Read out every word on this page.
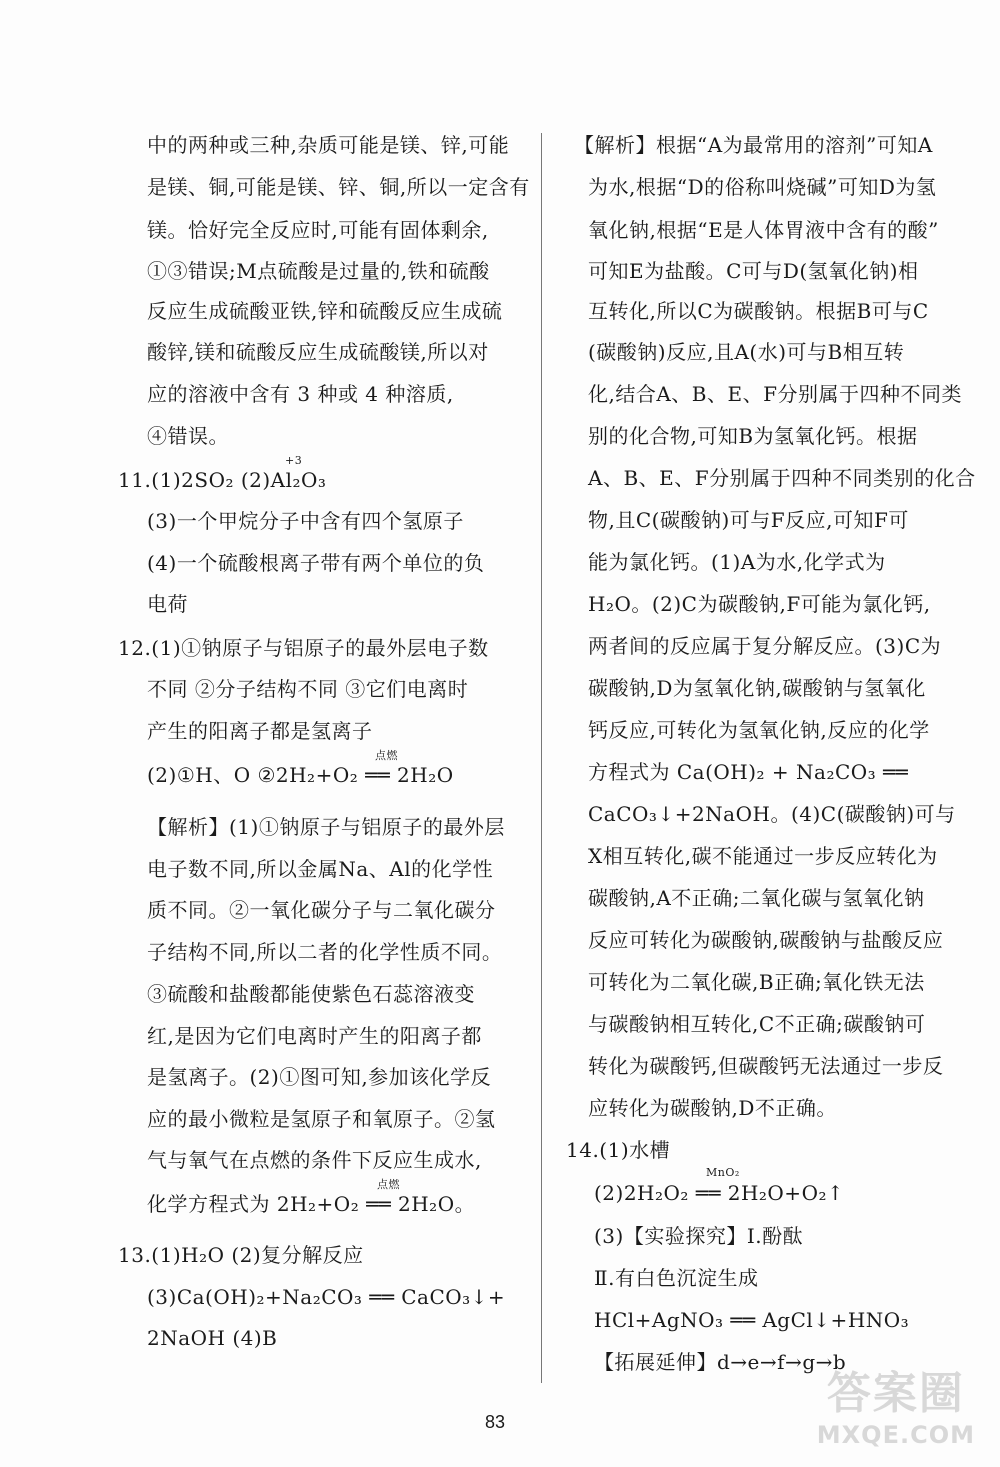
中的两种或三种,杂质可能是镁、锌,可能
是镁、铜,可能是镁、锌、铜,所以一定含有
镁。恰好完全反应时,可能有固体剩余,
①③错误;M点硫酸是过量的,铁和硫酸
反应生成硫酸亚铁,锌和硫酸反应生成硫
酸锌,镁和硫酸反应生成硫酸镁,所以对
应的溶液中含有 3 种或 4 种溶质,
④错误。
+3
11.(1)2SO₂ (2)Al₂O₃
(3)一个甲烷分子中含有四个氢原子
(4)一个硫酸根离子带有两个单位的负
电荷
12.(1)①钠原子与铝原子的最外层电子数
不同 ②分子结构不同 ③它们电离时
产生的阳离子都是氢离子
点燃
(2)①H、O ②2H₂+O₂ ══ 2H₂O
【解析】(1)①钠原子与铝原子的最外层
电子数不同,所以金属Na、Al的化学性
质不同。②一氧化碳分子与二氧化碳分
子结构不同,所以二者的化学性质不同。
③硫酸和盐酸都能使紫色石蕊溶液变
红,是因为它们电离时产生的阳离子都
是氢离子。(2)①图可知,参加该化学反
应的最小微粒是氢原子和氧原子。②氢
气与氧气在点燃的条件下反应生成水,
点燃
化学方程式为 2H₂+O₂ ══ 2H₂O。
13.(1)H₂O (2)复分解反应
(3)Ca(OH)₂+Na₂CO₃ ══ CaCO₃↓+
2NaOH (4)B
【解析】根据“A为最常用的溶剂”可知A
为水,根据“D的俗称叫烧碱”可知D为氢
氧化钠,根据“E是人体胃液中含有的酸”
可知E为盐酸。C可与D(氢氧化钠)相
互转化,所以C为碳酸钠。根据B可与C
(碳酸钠)反应,且A(水)可与B相互转
化,结合A、B、E、F分别属于四种不同类
别的化合物,可知B为氢氧化钙。根据
A、B、E、F分别属于四种不同类别的化合
物,且C(碳酸钠)可与F反应,可知F可
能为氯化钙。(1)A为水,化学式为
H₂O。(2)C为碳酸钠,F可能为氯化钙,
两者间的反应属于复分解反应。(3)C为
碳酸钠,D为氢氧化钠,碳酸钠与氢氧化
钙反应,可转化为氢氧化钠,反应的化学
方程式为 Ca(OH)₂ + Na₂CO₃ ══
CaCO₃↓+2NaOH。(4)C(碳酸钠)可与
X相互转化,碳不能通过一步反应转化为
碳酸钠,A不正确;二氧化碳与氢氧化钠
反应可转化为碳酸钠,碳酸钠与盐酸反应
可转化为二氧化碳,B正确;氧化铁无法
与碳酸钠相互转化,C不正确;碳酸钠可
转化为碳酸钙,但碳酸钙无法通过一步反
应转化为碳酸钠,D不正确。
14.(1)水槽
MnO₂
(2)2H₂O₂ ══ 2H₂O+O₂↑
(3)【实验探究】Ⅰ.酚酞
Ⅱ.有白色沉淀生成
HCl+AgNO₃ ══ AgCl↓+HNO₃
【拓展延伸】d→e→f→g→b
83
答案圈
MXQE.COM
